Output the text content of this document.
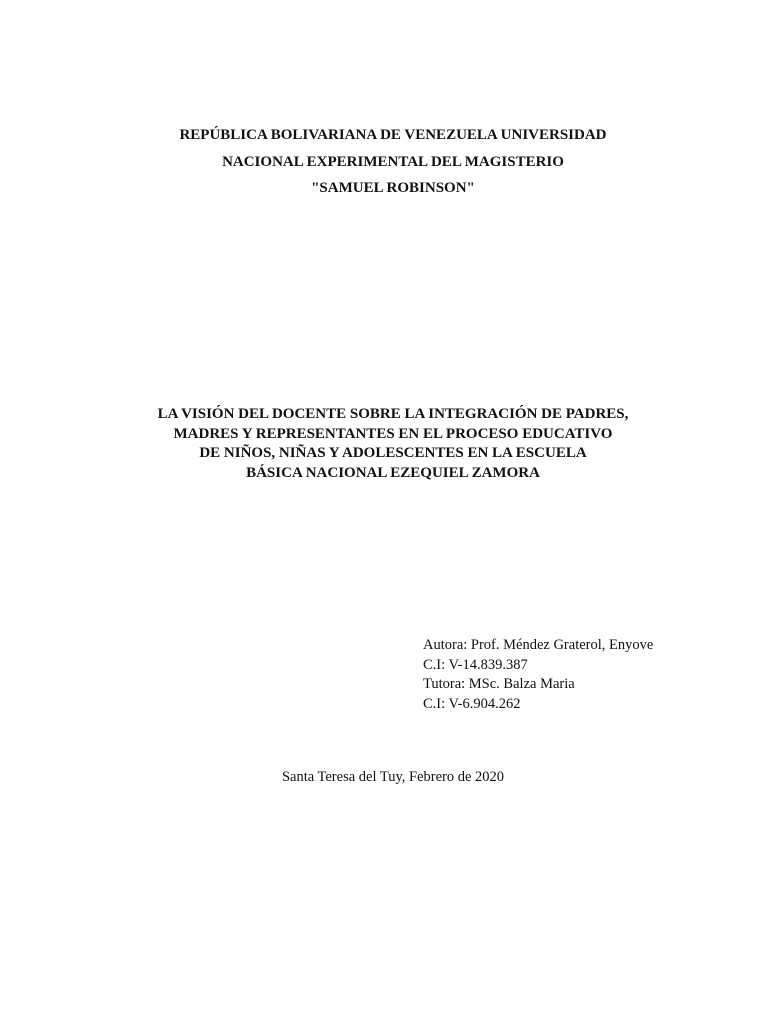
REPÚBLICA BOLIVARIANA DE VENEZUELA UNIVERSIDAD
NACIONAL EXPERIMENTAL DEL MAGISTERIO
"SAMUEL ROBINSON"
LA VISIÓN DEL DOCENTE SOBRE LA INTEGRACIÓN DE PADRES,
MADRES Y REPRESENTANTES EN EL PROCESO EDUCATIVO
DE NIÑOS, NIÑAS Y ADOLESCENTES EN LA ESCUELA
BÁSICA NACIONAL EZEQUIEL ZAMORA
Autora: Prof. Méndez Graterol, Enyove
C.I: V-14.839.387
Tutora: MSc. Balza Maria
C.I: V-6.904.262
Santa Teresa del Tuy, Febrero de 2020
